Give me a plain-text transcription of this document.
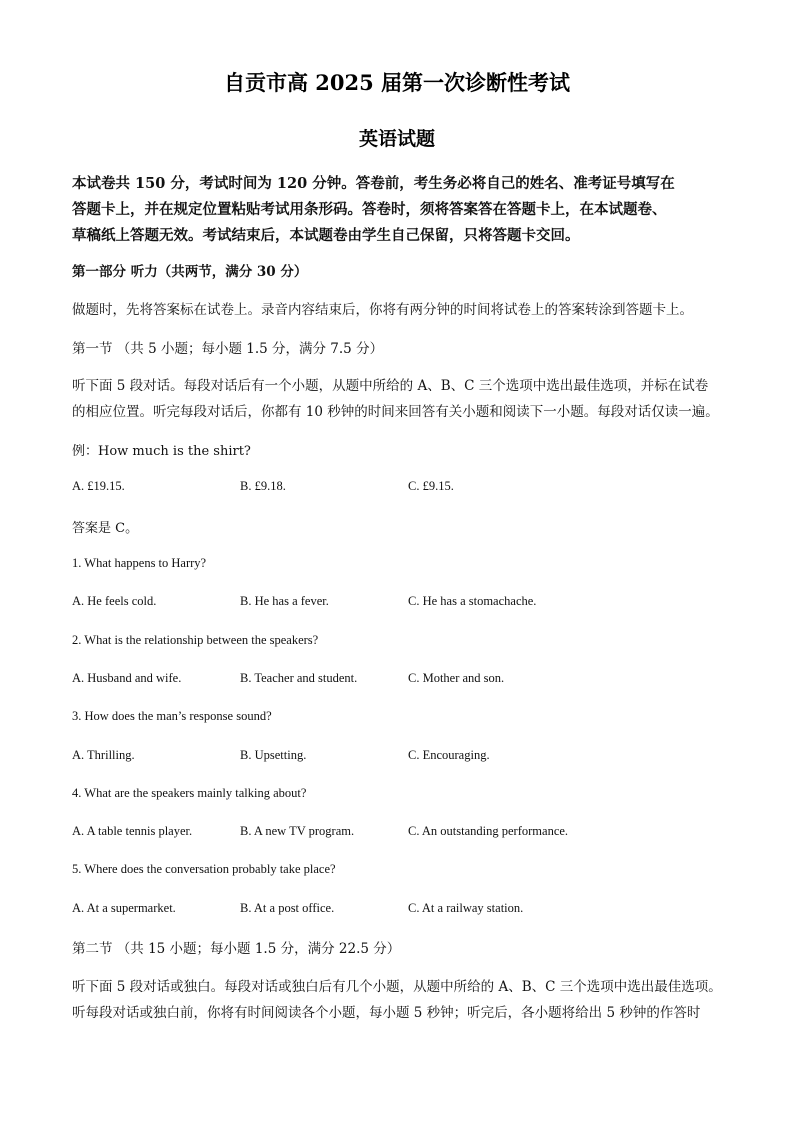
自贡市高 2025 届第一次诊断性考试
英语试题
本试卷共 150 分，考试时间为 120 分钟。答卷前，考生务必将自己的姓名、准考证号填写在
答题卡上，并在规定位置粘贴考试用条形码。答卷时，须将答案答在答题卡上，在本试题卷、
草稿纸上答题无效。考试结束后，本试题卷由学生自己保留，只将答题卡交回。
第一部分 听力（共两节，满分 30 分）
做题时，先将答案标在试卷上。录音内容结束后，你将有两分钟的时间将试卷上的答案转涂到答题卡上。
第一节 （共 5 小题；每小题 1.5 分，满分 7.5 分）
听下面 5 段对话。每段对话后有一个小题，从题中所给的 A、B、C 三个选项中选出最佳选项，并标在试卷
的相应位置。听完每段对话后，你都有 10 秒钟的时间来回答有关小题和阅读下一小题。每段对话仅读一遍。
例：How much is the shirt?
A. £19.15.	B. £9.18.	C. £9.15.
答案是 C。
1. What happens to Harry?
A. He feels cold.	B. He has a fever.	C. He has a stomachache.
2. What is the relationship between the speakers?
A. Husband and wife.	B. Teacher and student.	C. Mother and son.
3. How does the man’s response sound?
A. Thrilling.	B. Upsetting.	C. Encouraging.
4. What are the speakers mainly talking about?
A. A table tennis player.	B. A new TV program.	C. An outstanding performance.
5. Where does the conversation probably take place?
A. At a supermarket.	B. At a post office.	C. At a railway station.
第二节 （共 15 小题；每小题 1.5 分，满分 22.5 分）
听下面 5 段对话或独白。每段对话或独白后有几个小题，从题中所给的 A、B、C 三个选项中选出最佳选项。
听每段对话或独白前，你将有时间阅读各个小题，每小题 5 秒钟；听完后，各小题将给出 5 秒钟的作答时
